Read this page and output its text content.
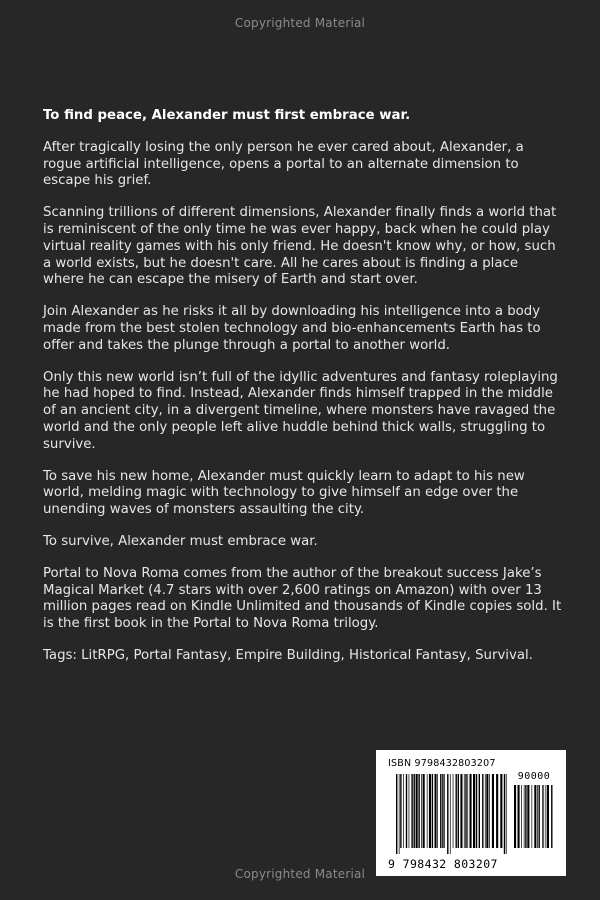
Copyrighted Material

To find peace, Alexander must first embrace war.

After tragically losing the only person he ever cared about, Alexander, a rogue artificial intelligence, opens a portal to an alternate dimension to escape his grief.

Scanning trillions of different dimensions, Alexander finally finds a world that is reminiscent of the only time he was ever happy, back when he could play virtual reality games with his only friend. He doesn't know why, or how, such a world exists, but he doesn't care. All he cares about is finding a place where he can escape the misery of Earth and start over.

Join Alexander as he risks it all by downloading his intelligence into a body made from the best stolen technology and bio-enhancements Earth has to offer and takes the plunge through a portal to another world.

Only this new world isn’t full of the idyllic adventures and fantasy roleplaying he had hoped to find. Instead, Alexander finds himself trapped in the middle of an ancient city, in a divergent timeline, where monsters have ravaged the world and the only people left alive huddle behind thick walls, struggling to survive.

To save his new home, Alexander must quickly learn to adapt to his new world, melding magic with technology to give himself an edge over the unending waves of monsters assaulting the city.

To survive, Alexander must embrace war.

Portal to Nova Roma comes from the author of the breakout success Jake’s Magical Market (4.7 stars with over 2,600 ratings on Amazon) with over 13 million pages read on Kindle Unlimited and thousands of Kindle copies sold. It is the first book in the Portal to Nova Roma trilogy.

Tags: LitRPG, Portal Fantasy, Empire Building, Historical Fantasy, Survival.

ISBN 9798432803207
90000
9 798432 803207
Copyrighted Material
